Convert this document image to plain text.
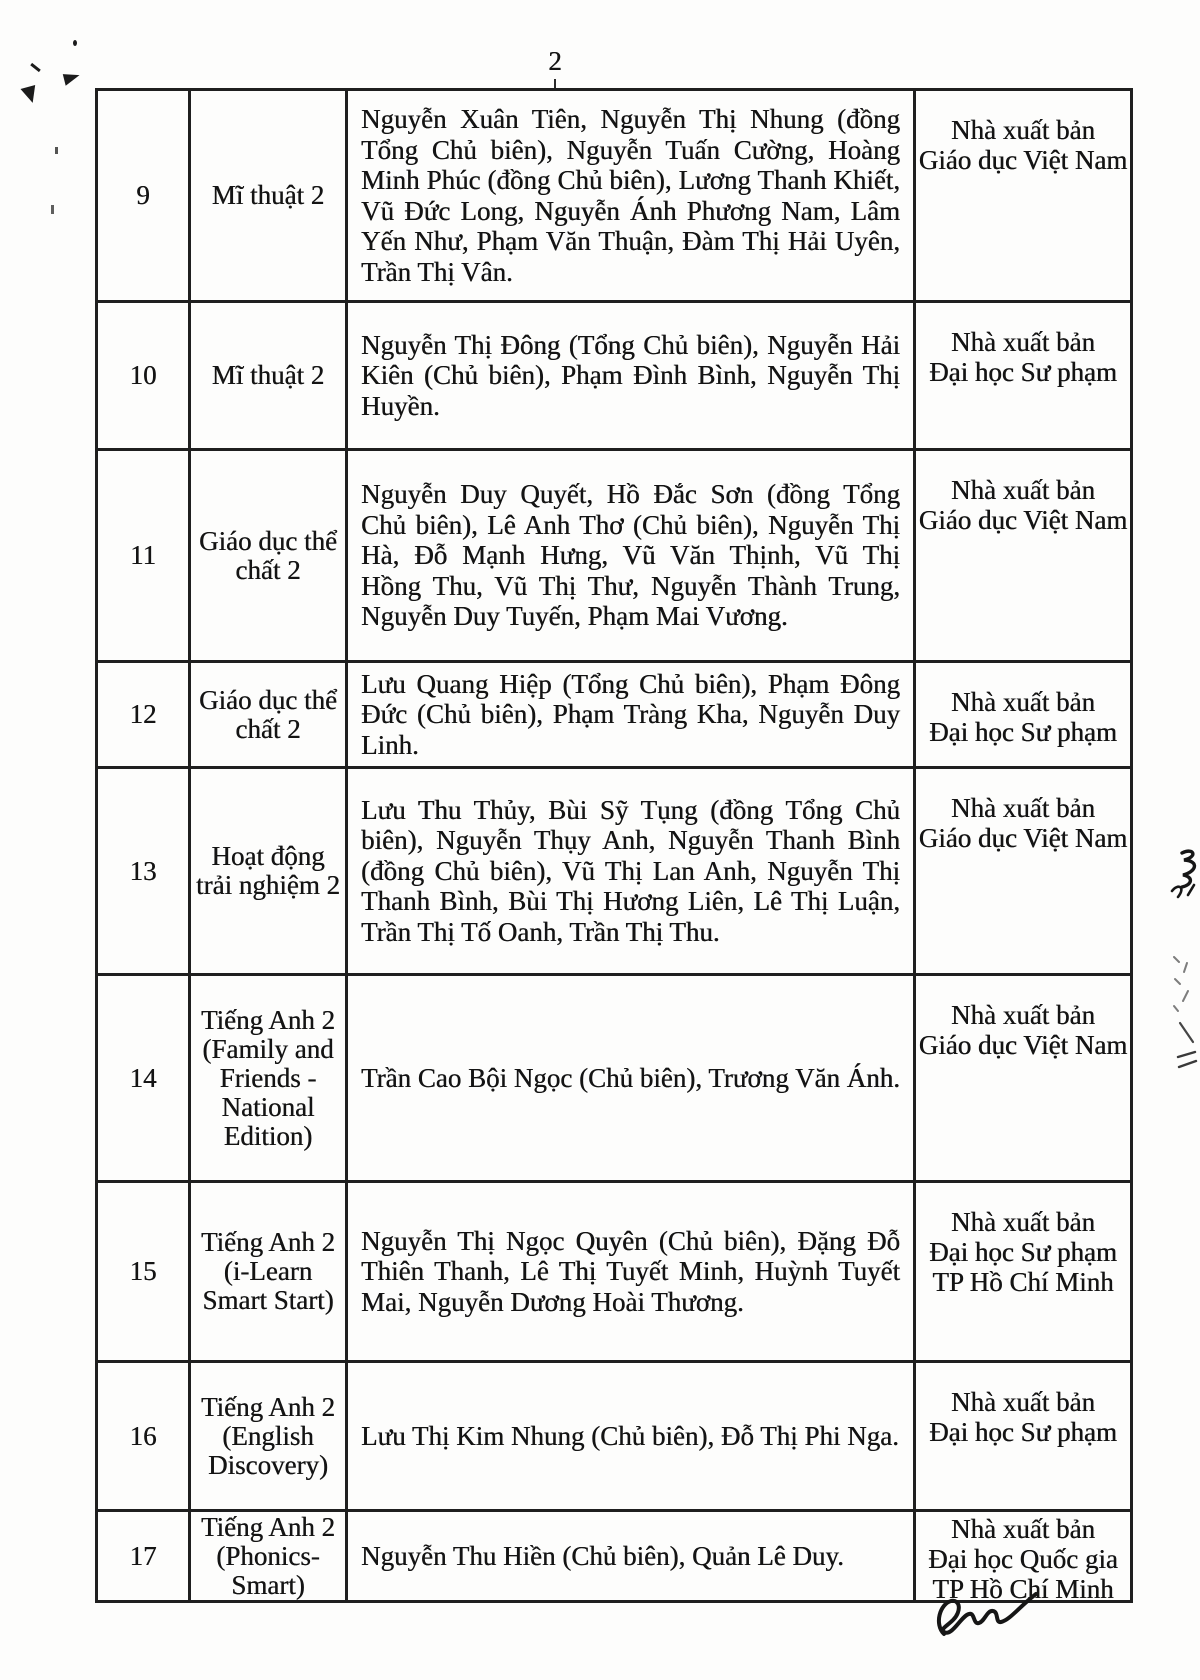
2
9 Mĩ thuật 2
Nguyễn Xuân Tiên, Nguyễn Thị Nhung (đồng Tổng Chủ biên), Nguyễn Tuấn Cường, Hoàng Minh Phúc (đồng Chủ biên), Lương Thanh Khiết, Vũ Đức Long, Nguyễn Ánh Phương Nam, Lâm Yến Như, Phạm Văn Thuận, Đàm Thị Hải Uyên, Trần Thị Vân.
Nhà xuất bản
Giáo dục Việt Nam
10 Mĩ thuật 2
Nguyễn Thị Đông (Tổng Chủ biên), Nguyễn Hải Kiên (Chủ biên), Phạm Đình Bình, Nguyễn Thị Huyền.
Nhà xuất bản
Đại học Sư phạm
11 Giáo dục thể
chất 2
Nguyễn Duy Quyết, Hồ Đắc Sơn (đồng Tổng Chủ biên), Lê Anh Thơ (Chủ biên), Nguyễn Thị Hà, Đỗ Mạnh Hưng, Vũ Văn Thịnh, Vũ Thị Hồng Thu, Vũ Thị Thư, Nguyễn Thành Trung, Nguyễn Duy Tuyến, Phạm Mai Vương.
Nhà xuất bản
Giáo dục Việt Nam
12 Giáo dục thể
chất 2
Lưu Quang Hiệp (Tổng Chủ biên), Phạm Đông Đức (Chủ biên), Phạm Tràng Kha, Nguyễn Duy Linh.
Nhà xuất bản
Đại học Sư phạm
13	Hoạt động
trải nghiệm 2
Lưu Thu Thủy, Bùi Sỹ Tụng (đồng Tổng Chủ biên), Nguyễn Thụy Anh, Nguyễn Thanh Bình (đồng Chủ biên), Vũ Thị Lan Anh, Nguyễn Thị Thanh Bình, Bùi Thị Hương Liên, Lê Thị Luận, Trần Thị Tố Oanh, Trần Thị Thu.
Nhà xuất bản
Giáo dục Việt Nam
14
Tiếng Anh 2
(Family and
Friends -
National
Edition)
Trần Cao Bội Ngọc (Chủ biên), Trương Văn Ánh.
Nhà xuất bản
Giáo dục Việt Nam
15
Tiếng Anh 2
(i-Learn
Smart Start)
Nguyễn Thị Ngọc Quyên (Chủ biên), Đặng Đỗ Thiên Thanh, Lê Thị Tuyết Minh, Huỳnh Tuyết Mai, Nguyễn Dương Hoài Thương.
Nhà xuất bản
Đại học Sư phạm
TP Hồ Chí Minh
16
Tiếng Anh 2
(English
Discovery)
Lưu Thị Kim Nhung (Chủ biên), Đỗ Thị Phi Nga.
Nhà xuất bản
Đại học Sư phạm
17
Tiếng Anh 2
(Phonics-
Smart)
Nguyễn Thu Hiền (Chủ biên), Quản Lê Duy.
Nhà xuất bản
Đại học Quốc gia
TP Hồ Chí Minh
